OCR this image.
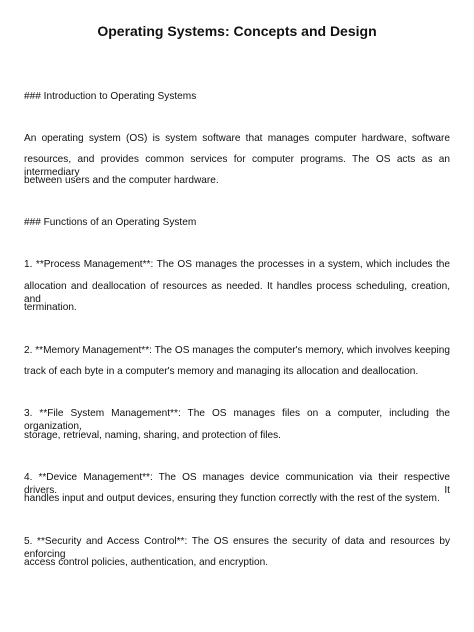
Operating Systems: Concepts and Design
### Introduction to Operating Systems

An operating system (OS) is system software that manages computer hardware, software

resources, and provides common services for computer programs. The OS acts as an intermediary

between users and the computer hardware.

### Functions of an Operating System

1. **Process Management**: The OS manages the processes in a system, which includes the

allocation and deallocation of resources as needed. It handles process scheduling, creation, and

termination.

2. **Memory Management**: The OS manages the computer's memory, which involves keeping

track of each byte in a computer's memory and managing its allocation and deallocation.

3. **File System Management**: The OS manages files on a computer, including the organization,

storage, retrieval, naming, sharing, and protection of files.

4. **Device Management**: The OS manages device communication via their respective drivers. It

handles input and output devices, ensuring they function correctly with the rest of the system.

5. **Security and Access Control**: The OS ensures the security of data and resources by enforcing

access control policies, authentication, and encryption.
